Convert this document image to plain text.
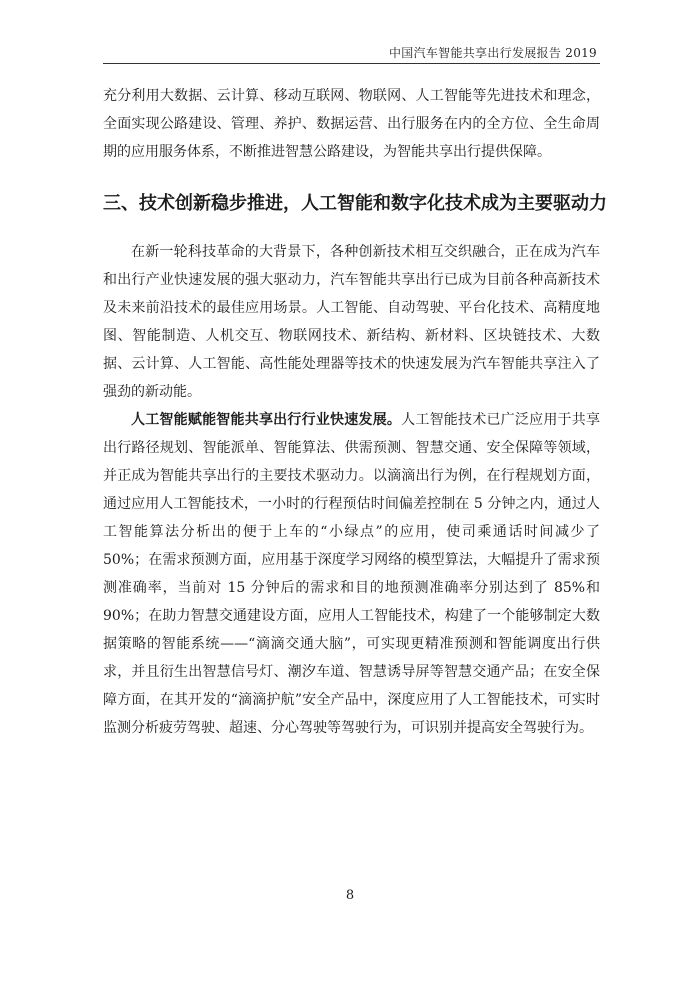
中国汽车智能共享出行发展报告 2019

充分利用大数据、云计算、移动互联网、物联网、人工智能等先进技术和理念，全面实现公路建设、管理、养护、数据运营、出行服务在内的全方位、全生命周期的应用服务体系，不断推进智慧公路建设，为智能共享出行提供保障。

三、技术创新稳步推进，人工智能和数字化技术成为主要驱动力

在新一轮科技革命的大背景下，各种创新技术相互交织融合，正在成为汽车和出行产业快速发展的强大驱动力，汽车智能共享出行已成为目前各种高新技术及未来前沿技术的最佳应用场景。人工智能、自动驾驶、平台化技术、高精度地图、智能制造、人机交互、物联网技术、新结构、新材料、区块链技术、大数据、云计算、人工智能、高性能处理器等技术的快速发展为汽车智能共享注入了强劲的新动能。

人工智能赋能智能共享出行行业快速发展。人工智能技术已广泛应用于共享出行路径规划、智能派单、智能算法、供需预测、智慧交通、安全保障等领域，并正成为智能共享出行的主要技术驱动力。以滴滴出行为例，在行程规划方面，通过应用人工智能技术，一小时的行程预估时间偏差控制在 5 分钟之内，通过人工智能算法分析出的便于上车的“小绿点”的应用，使司乘通话时间减少了 50%；在需求预测方面，应用基于深度学习网络的模型算法，大幅提升了需求预测准确率，当前对 15 分钟后的需求和目的地预测准确率分别达到了 85%和 90%；在助力智慧交通建设方面，应用人工智能技术，构建了一个能够制定大数据策略的智能系统——“滴滴交通大脑”，可实现更精准预测和智能调度出行供求，并且衍生出智慧信号灯、潮汐车道、智慧诱导屏等智慧交通产品；在安全保障方面，在其开发的“滴滴护航”安全产品中，深度应用了人工智能技术，可实时监测分析疲劳驾驶、超速、分心驾驶等驾驶行为，可识别并提高安全驾驶行为。

8
